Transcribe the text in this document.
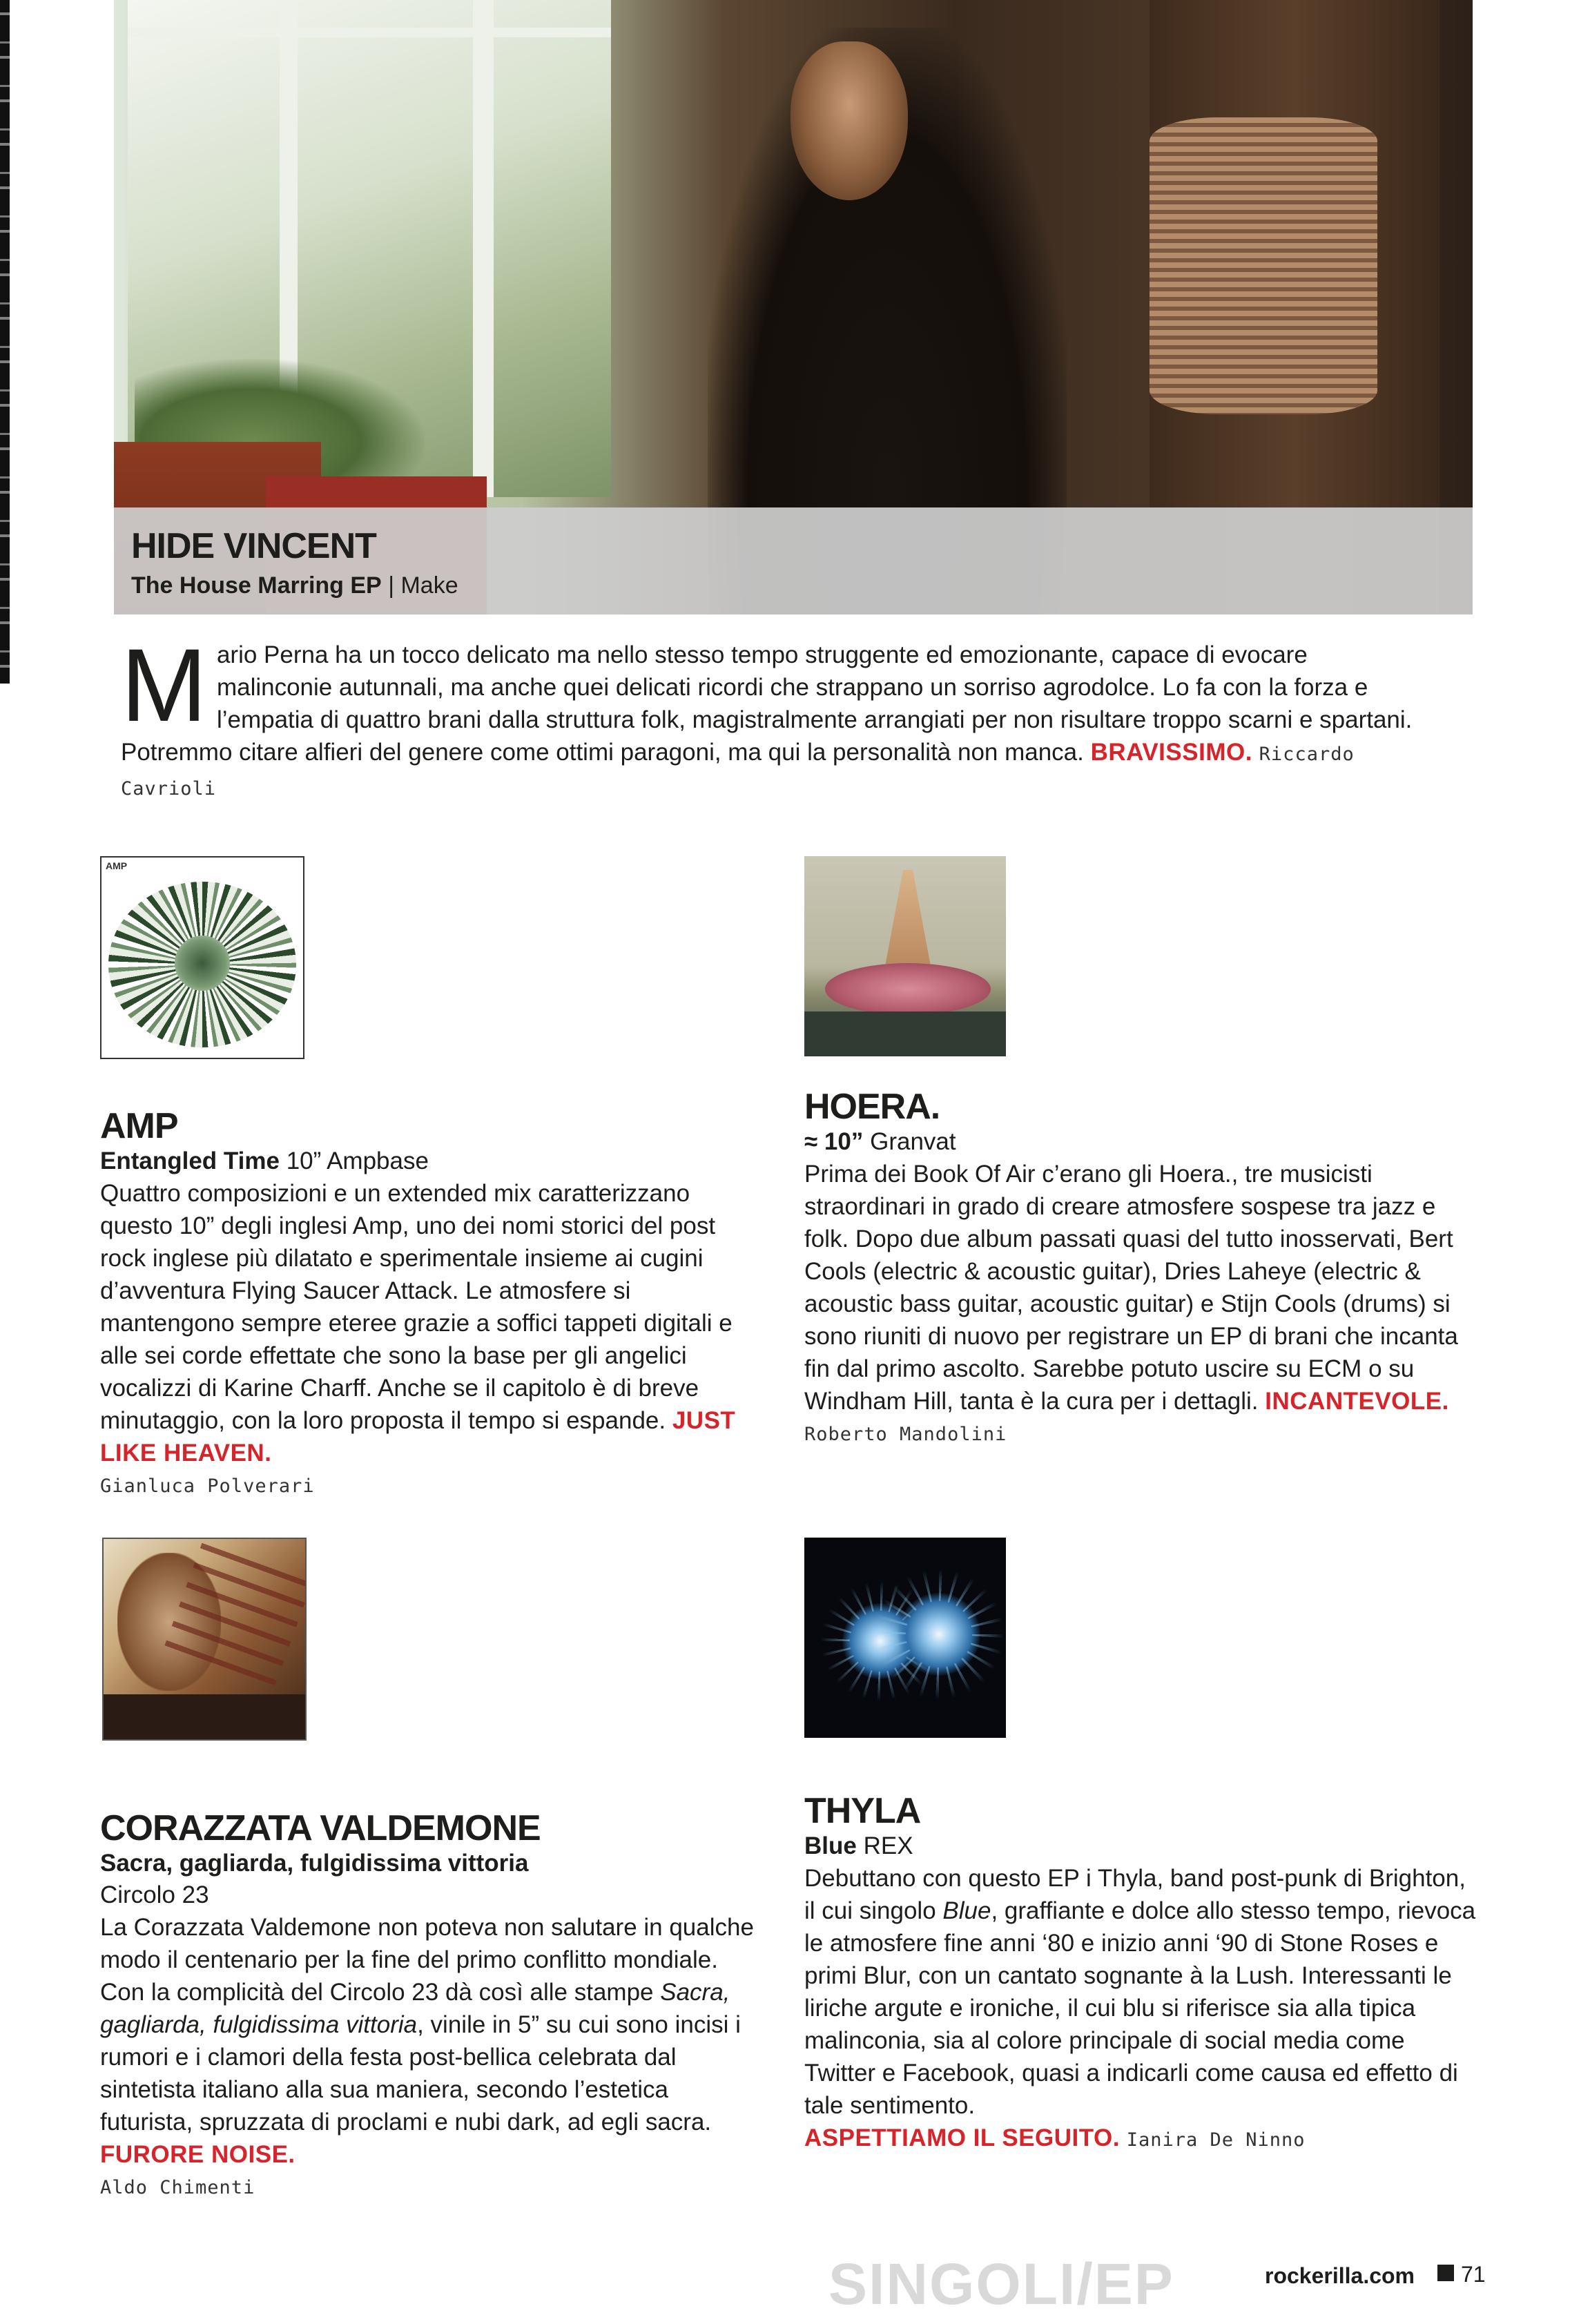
HIDE VINCENT
The House Marring EP | Make
Mario Perna ha un tocco delicato ma nello stesso tempo struggente ed emozionante, capace di evocare malinconie autunnali, ma anche quei delicati ricordi che strappano un sorriso agrodolce. Lo fa con la forza e l’empatia di quattro brani dalla struttura folk, magistralmente arrangiati per non risultare troppo scarni e spartani. Potremmo citare alfieri del genere come ottimi paragoni, ma qui la personalità non manca. BRAVISSIMO. Riccardo Cavrioli
AMP
AMP
Entangled Time 10” Ampbase

Quattro composizioni e un extended mix caratterizzano questo 10” degli inglesi Amp, uno dei nomi storici del post rock inglese più dilatato e sperimentale insieme ai cugini d’avventura Flying Saucer Attack. Le atmosfere si mantengono sempre eteree grazie a soffici tappeti digitali e alle sei corde effettate che sono la base per gli angelici vocalizzi di Karine Charff. Anche se il capitolo è di breve minutaggio, con la loro proposta il tempo si espande. JUST LIKE HEAVEN.

Gianluca Polverari
HOERA.
≈ 10” Granvat

Prima dei Book Of Air c’erano gli Hoera., tre musicisti straordinari in grado di creare atmosfere sospese tra jazz e folk. Dopo due album passati quasi del tutto inosservati, Bert Cools (electric & acoustic guitar), Dries Laheye (electric & acoustic bass guitar, acoustic guitar) e Stijn Cools (drums) si sono riuniti di nuovo per registrare un EP di brani che incanta fin dal primo ascolto. Sarebbe potuto uscire su ECM o su Windham Hill, tanta è la cura per i dettagli. INCANTEVOLE.

Roberto Mandolini
CORAZZATA VALDEMONE
Sacra, gagliarda, fulgidissima vittoria
Circolo 23

La Corazzata Valdemone non poteva non salutare in qualche modo il centenario per la fine del primo conflitto mondiale. Con la complicità del Circolo 23 dà così alle stampe Sacra, gagliarda, fulgidissima vittoria, vinile in 5” su cui sono incisi i rumori e i clamori della festa post-bellica celebrata dal sintetista italiano alla sua maniera, secondo l’estetica futurista, spruzzata di proclami e nubi dark, ad egli sacra. FURORE NOISE.

Aldo Chimenti
THYLA
Blue REX

Debuttano con questo EP i Thyla, band post-punk di Brighton, il cui singolo Blue, graffiante e dolce allo stesso tempo, rievoca le atmosfere fine anni ‘80 e inizio anni ‘90 di Stone Roses e primi Blur, con un cantato sognante à la Lush. Interessanti le liriche argute e ironiche, il cui blu si riferisce sia alla tipica malinconia, sia al colore principale di social media come Twitter e Facebook, quasi a indicarli come causa ed effetto di tale sentimento.

ASPETTIAMO IL SEGUITO. Ianira De Ninno

SINGOLI/EP	rockerilla.com 71
